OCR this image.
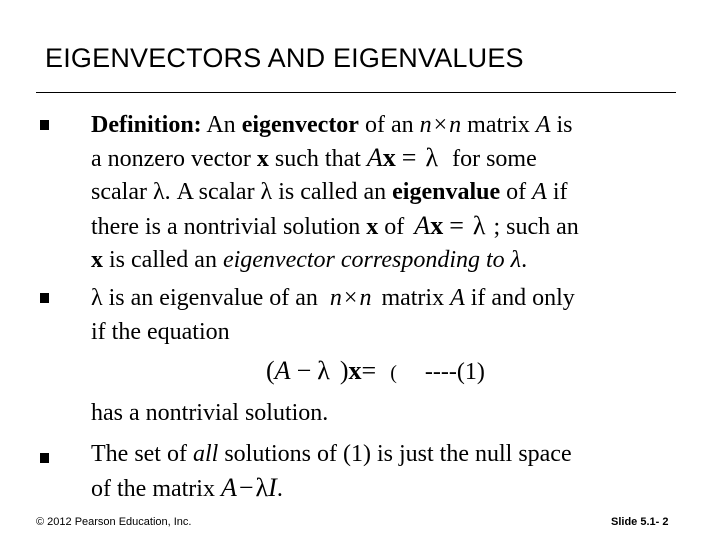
EIGENVECTORS AND EIGENVALUES
Definition: An eigenvector of an n×n matrix A is
a nonzero vector x such that Ax = λ for some
scalar λ. A scalar λ is called an eigenvalue of A if
there is a nontrivial solution x of Ax = λ ; such an
x is called an eigenvector corresponding to λ.
λ is an eigenvalue of an n×n matrix A if and only
if the equation
(A − λ )x= ( ----(1)
has a nontrivial solution.
The set of all solutions of (1) is just the null space
of the matrix A−λI.
© 2012 Pearson Education, Inc.	Slide 5.1- 2
